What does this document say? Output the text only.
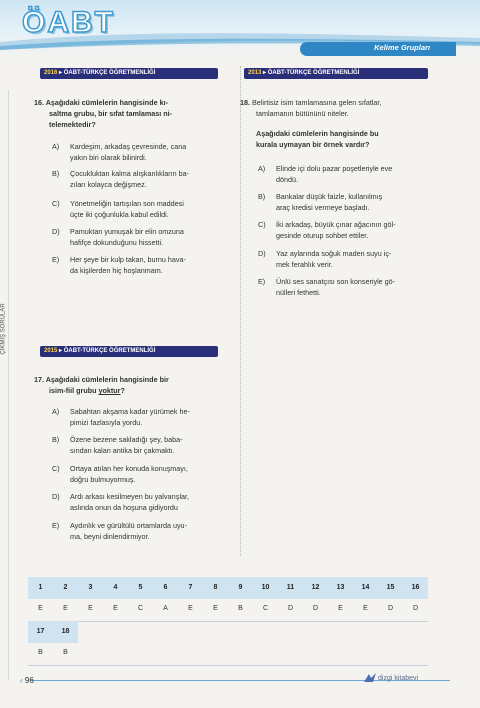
ÖABT
Kelime Grupları
ÇIKMIŞ SORULAR
2016 ▸ ÖABT-TÜRKÇE ÖĞRETMENLİĞİ
16. Aşağıdaki cümlelerin hangisinde kı-
saltma grubu, bir sıfat tamlaması ni-
telemektedir?
A) Kardeşim, arkadaş çevresinde, cana
yakın biri olarak bilinirdi.
B) Çocukluktan kalma alışkanlıkların ba-
zıları kolayca değişmez.
C) Yönetmeliğin tartışılan son maddesi
üçte iki çoğunlukla kabul edildi.
D) Pamuktan yumuşak bir elin omzuna
hafifçe dokunduğunu hissetti.
E) Her şeye bir kulp takan, burnu hava-
da kişilerden hiç hoşlanmam.
2015 ▸ ÖABT-TÜRKÇE ÖĞRETMENLİĞİ
17. Aşağıdaki cümlelerin hangisinde bir
isim-fiil grubu yoktur?
A) Sabahtan akşama kadar yürümek he-
pimizi fazlasıyla yordu.
B) Özene bezene sakladığı şey, baba-
sından kalan antika bir çakmaktı.
C) Ortaya atılan her konuda konuşmayı,
doğru bulmuyormuş.
D) Ardı arkası kesilmeyen bu yalvarışlar,
aslında onun da hoşuna gidiyordu
E) Aydınlık ve gürültülü ortamlarda uyu-
ma, beyni dinlendirmiyor.
2013 ▸ ÖABT-TÜRKÇE ÖĞRETMENLİĞİ
18. Belirtisiz isim tamlamasına gelen sıfatlar,
tamlamanın bütününü niteler.
Aşağıdaki cümlelerin hangisinde bu
kurala uymayan bir örnek vardır?
A) Elinde içi dolu pazar poşetleriyle eve
döndü.
B) Bankalar düşük faizle, kullanılmış
araç kredisi vermeye başladı.
C) İki arkadaş, büyük çınar ağacının göl-
gesinde oturup sohbet ettiler.
D) Yaz aylarında soğuk maden suyu iç-
mek ferahlık verir.
E) Ünlü ses sanatçısı son konseriyle gö-
nülleri fethetti.
1	2	3	4	5	6	7	8	9	10	11	12	13	14	15	16
E	E	E	E	C	A	E	E	B	C	D	D	E	E	D	D
17	18
B	B
‹ 96	dizgi kitabevi
